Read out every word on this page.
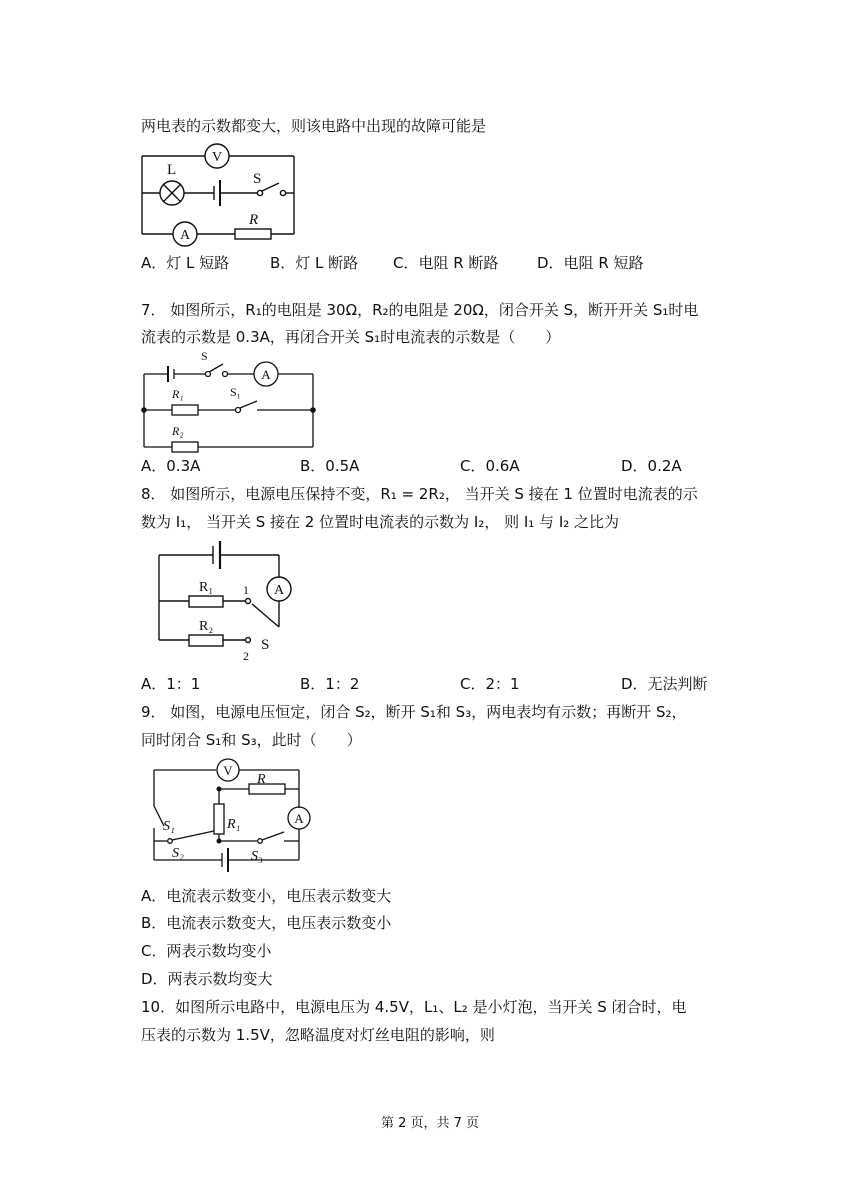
两电表的示数都变大，则该电路中出现的故障可能是
V
L
S
A
R
A．灯 L 短路	B．灯 L 断路 C．电阻 R 断路	D．电阻 R 短路
7． 如图所示，R₁的电阻是 30Ω，R₂的电阻是 20Ω，闭合开关 S，断开开关 S₁时电
流表的示数是 0.3A，再闭合开关 S₁时电流表的示数是（　　）
S
A
R₁	S₁
R₂
A．0.3A	B．0.5A	C．0.6A	D．0.2A
8． 如图所示，电源电压保持不变，R₁ = 2R₂， 当开关 S 接在 1 位置时电流表的示
数为 I₁， 当开关 S 接在 2 位置时电流表的示数为 I₂， 则 I₁ 与 I₂ 之比为
R₁
R₂
A
1
2
S
A．1：1	B．1：2	C．2：1	D．无法判断
9． 如图，电源电压恒定，闭合 S₂，断开 S₁和 S₃，两电表均有示数；再断开 S₂，
同时闭合 S₁和 S₃，此时（　　）
V
R
A
R₁
S₁
S₂	S₃
A．电流表示数变小，电压表示数变大
B．电流表示数变大，电压表示数变小
C．两表示数均变小
D．两表示数均变大
10．如图所示电路中，电源电压为 4.5V，L₁、L₂ 是小灯泡，当开关 S 闭合时，电
压表的示数为 1.5V，忽略温度对灯丝电阻的影响，则
第 2 页，共 7 页
